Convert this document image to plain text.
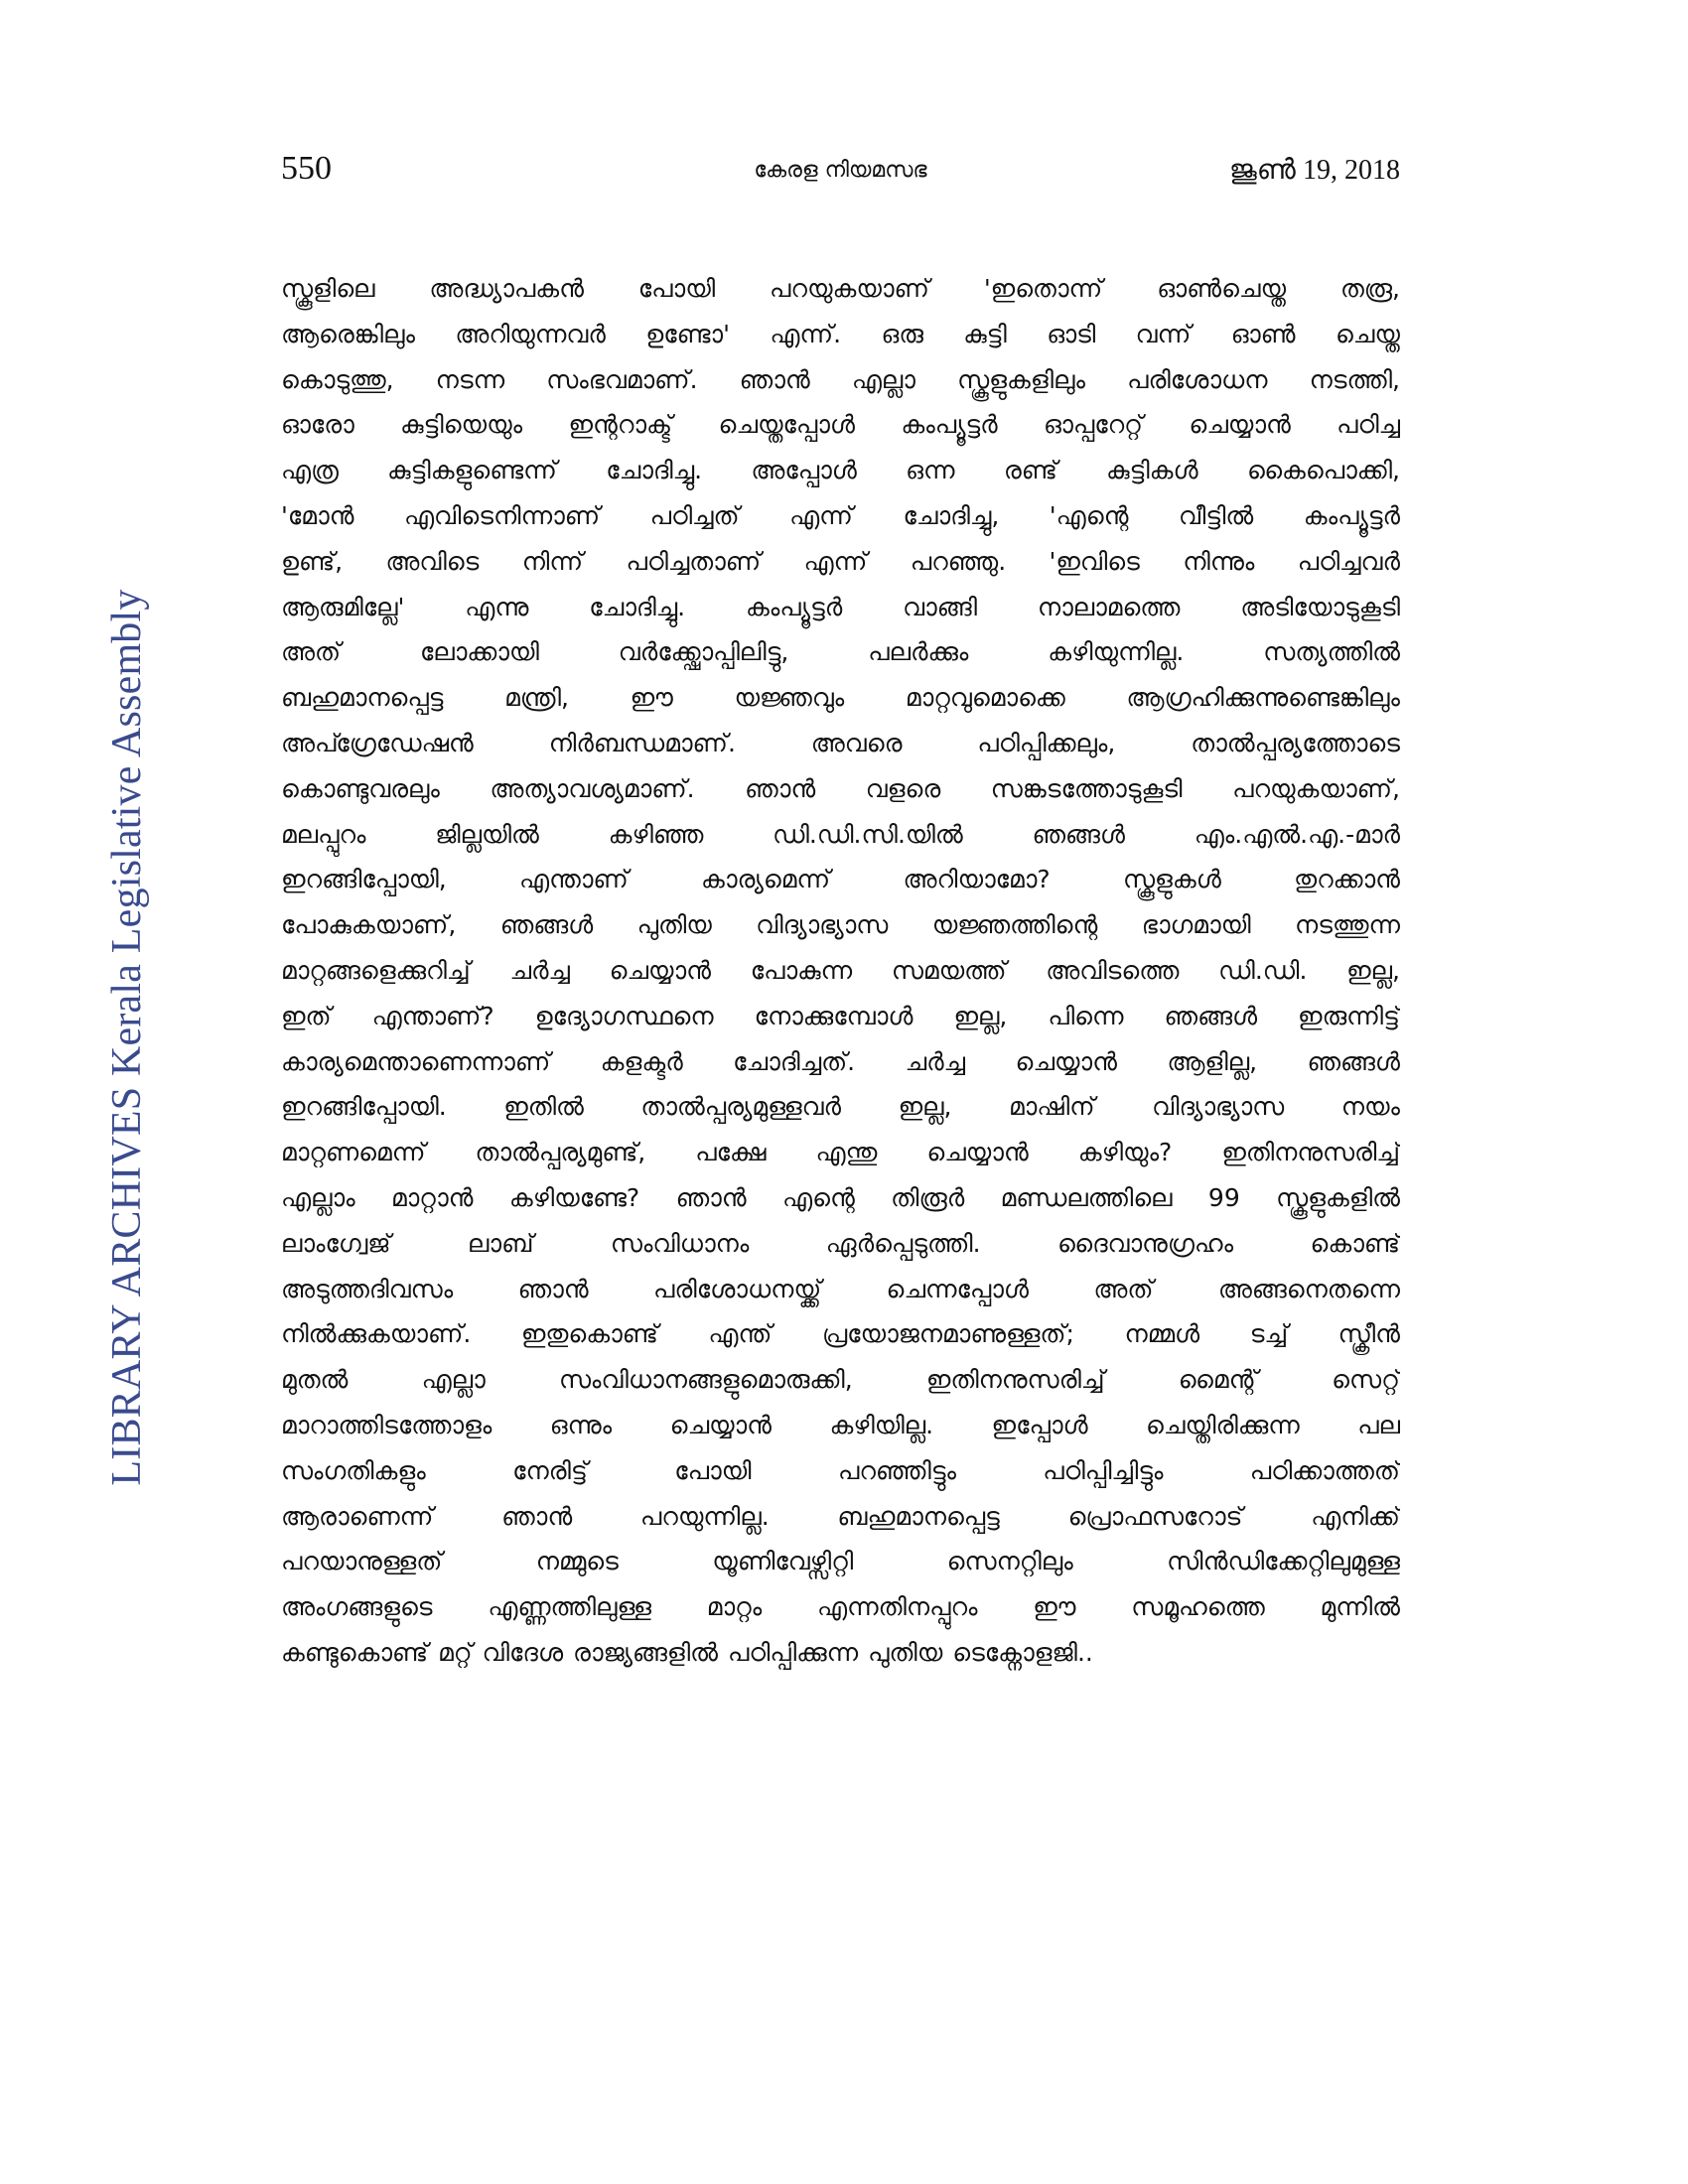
550	കേരള നിയമസഭ	ജൂൺ 19, 2018
LIBRARY ARCHIVES Kerala Legislative Assembly
സ്കൂളിലെ അദ്ധ്യാപകൻ പോയി പറയുകയാണ് 'ഇതൊന്ന് ഓൺചെയ്ത തരൂ,
ആരെങ്കിലും അറിയുന്നവർ ഉണ്ടോ' എന്ന്. ഒരു കുട്ടി ഓടി വന്ന് ഓൺ ചെയ്ത
കൊടുത്തു, നടന്ന സംഭവമാണ്. ഞാൻ എല്ലാ സ്കൂളുകളിലും പരിശോധന നടത്തി,
ഓരോ കുട്ടിയെയും ഇന്ററാക്ട് ചെയ്തപ്പോൾ കംപ്യൂട്ടർ ഓപ്പറേറ്റ് ചെയ്യാൻ പഠിച്ച
എത്ര കുട്ടികളുണ്ടെന്ന് ചോദിച്ചു. അപ്പോൾ ഒന്ന രണ്ട് കുട്ടികൾ കൈപൊക്കി,
'മോൻ എവിടെനിന്നാണ് പഠിച്ചത് എന്ന് ചോദിച്ചു, 'എന്റെ വീട്ടിൽ കംപ്യൂട്ടർ
ഉണ്ട്, അവിടെ നിന്ന് പഠിച്ചതാണ് എന്ന് പറഞ്ഞു. 'ഇവിടെ നിന്നും പഠിച്ചവർ
ആരുമില്ലേ' എന്നു ചോദിച്ചു. കംപ്യൂട്ടർ വാങ്ങി നാലാമത്തെ അടിയോടുകൂടി
അത് ലോക്കായി വർക്ക്ഷോപ്പിലിട്ടു, പലർക്കും കഴിയുന്നില്ല. സത്യത്തിൽ
ബഹുമാനപ്പെട്ട മന്ത്രി, ഈ യജ്ഞവും മാറ്റവുമൊക്കെ ആഗ്രഹിക്കുന്നുണ്ടെങ്കിലും
അപ്ഗ്രേഡേഷൻ നിർബന്ധമാണ്. അവരെ പഠിപ്പിക്കലും, താൽപ്പര്യത്തോടെ
കൊണ്ടുവരലും അത്യാവശ്യമാണ്. ഞാൻ വളരെ സങ്കടത്തോടുകൂടി പറയുകയാണ്,
മലപ്പുറം ജില്ലയിൽ കഴിഞ്ഞ ഡി.ഡി.സി.യിൽ ഞങ്ങൾ എം.എൽ.എ.-മാർ
ഇറങ്ങിപ്പോയി, എന്താണ് കാര്യമെന്ന് അറിയാമോ? സ്കൂളുകൾ തുറക്കാൻ
പോകുകയാണ്, ഞങ്ങൾ പുതിയ വിദ്യാഭ്യാസ യജ്ഞത്തിന്റെ ഭാഗമായി നടത്തുന്ന
മാറ്റങ്ങളെക്കുറിച്ച് ചർച്ച ചെയ്യാൻ പോകുന്ന സമയത്ത് അവിടത്തെ ഡി.ഡി. ഇല്ല,
ഇത് എന്താണ്? ഉദ്യോഗസ്ഥനെ നോക്കുമ്പോൾ ഇല്ല, പിന്നെ ഞങ്ങൾ ഇരുന്നിട്ട്
കാര്യമെന്താണെന്നാണ് കളക്ടർ ചോദിച്ചത്. ചർച്ച ചെയ്യാൻ ആളില്ല, ഞങ്ങൾ
ഇറങ്ങിപ്പോയി. ഇതിൽ താൽപ്പര്യമുള്ളവർ ഇല്ല, മാഷിന് വിദ്യാഭ്യാസ നയം
മാറ്റണമെന്ന് താൽപ്പര്യമുണ്ട്, പക്ഷേ എന്തു ചെയ്യാൻ കഴിയും? ഇതിനനുസരിച്ച്
എല്ലാം മാറ്റാൻ കഴിയണ്ടേ? ഞാൻ എന്റെ തിരൂർ മണ്ഡലത്തിലെ 99 സ്കൂളുകളിൽ
ലാംഗ്വേജ് ലാബ് സംവിധാനം ഏർപ്പെടുത്തി. ദൈവാനുഗ്രഹം കൊണ്ട്
അടുത്തദിവസം ഞാൻ പരിശോധനയ്ക്ക് ചെന്നപ്പോൾ അത് അങ്ങനെതന്നെ
നിൽക്കുകയാണ്. ഇതുകൊണ്ട് എന്ത് പ്രയോജനമാണുള്ളത്; നമ്മൾ ടച്ച് സ്ക്രീൻ
മുതൽ എല്ലാ സംവിധാനങ്ങളുമൊരുക്കി, ഇതിനനുസരിച്ച് മൈന്റ് സെറ്റ്
മാറാത്തിടത്തോളം ഒന്നും ചെയ്യാൻ കഴിയില്ല. ഇപ്പോൾ ചെയ്തിരിക്കുന്ന പല
സംഗതികളും നേരിട്ട് പോയി പറഞ്ഞിട്ടും പഠിപ്പിച്ചിട്ടും പഠിക്കാത്തത്
ആരാണെന്ന് ഞാൻ പറയുന്നില്ല. ബഹുമാനപ്പെട്ട പ്രൊഫസറോട് എനിക്ക്
പറയാനുള്ളത് നമ്മുടെ യൂണിവേഴ്സിറ്റി സെനറ്റിലും സിൻഡിക്കേറ്റിലുമുള്ള
അംഗങ്ങളുടെ എണ്ണത്തിലുള്ള മാറ്റം എന്നതിനപ്പുറം ഈ സമൂഹത്തെ മുന്നിൽ
കണ്ടുകൊണ്ട് മറ്റ് വിദേശ രാജ്യങ്ങളിൽ പഠിപ്പിക്കുന്ന പുതിയ ടെക്നോളജി..
